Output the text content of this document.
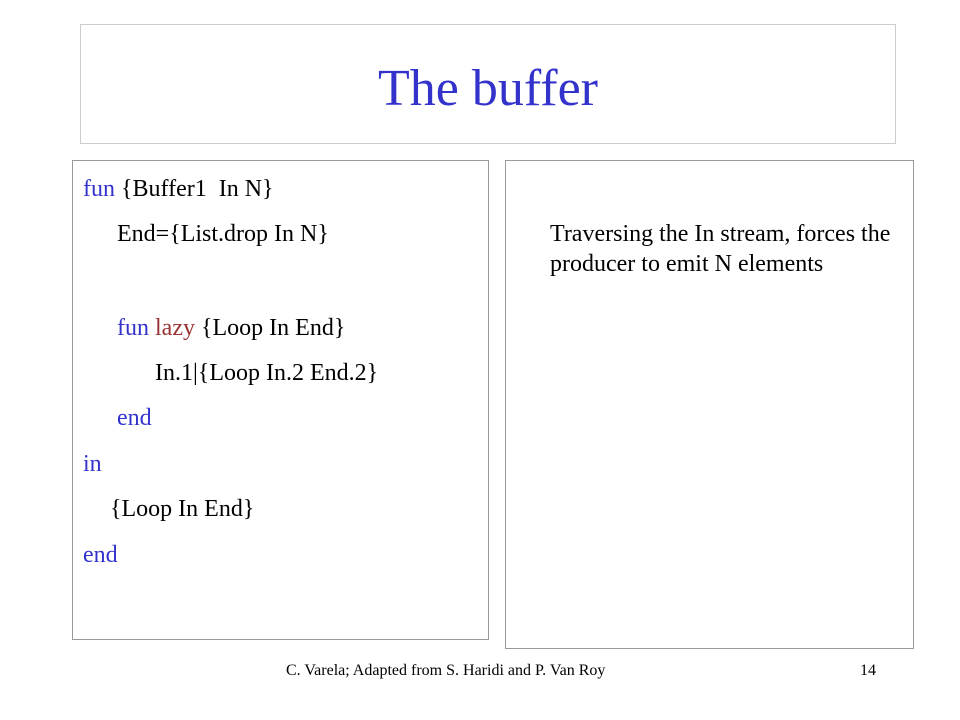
The buffer
fun {Buffer1  In N}
End={List.drop In N}
fun lazy {Loop In End}
In.1|{Loop In.2 End.2}
end
in
{Loop In End}
end
Traversing the In stream, forces the producer to emit N elements
C. Varela; Adapted from S. Haridi and P. Van Roy	14
